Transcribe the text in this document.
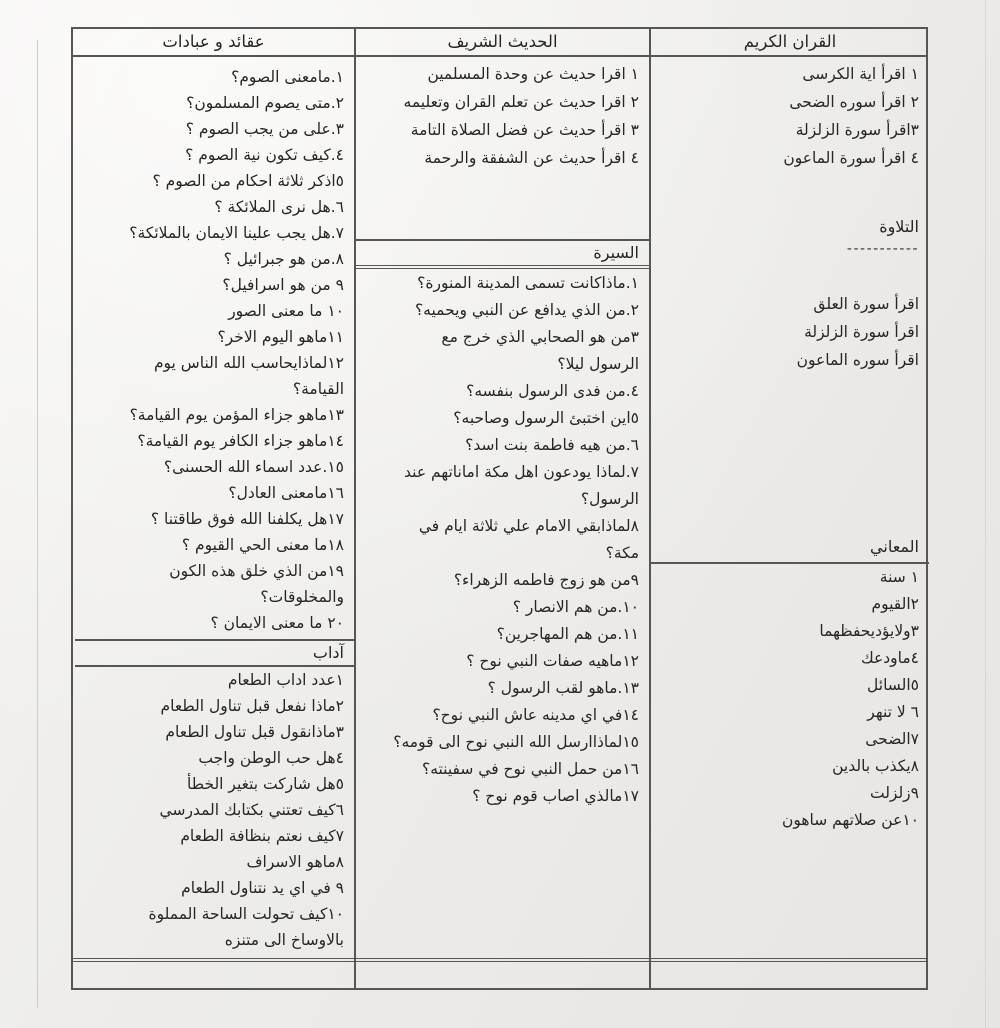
القران الكريم
الحديث الشريف
عقائد و عبادات
١ اقرأ اية الكرسى
٢ اقرأ سوره الضحى
٣اقرأ سورة الزلزلة
٤ اقرأ سورة الماعون
التلاوة
-----------
اقرأ سورة العلق
اقرأ سورة الزلزلة
اقرأ سوره الماعون
المعاني
١ سنة
٢القيوم
٣ولايؤديحفظهما
٤ماودعك
٥السائل
٦ لا تنهر
٧الضحى
٨يكذب بالدين
٩زلزلت
١٠عن صلاتهم ساهون
١ اقرا حديث عن وحدة المسلمين
٢ اقرا حديث عن تعلم القران وتعليمه
٣ اقرأ حديث عن فضل الصلاة التامة
٤ اقرأ حديث عن الشفقة والرحمة
السيرة
١.ماذاكانت تسمى المدينة المنورة؟
٢.من الذي يدافع عن النبي ويحميه؟
٣من هو الصحابي الذي خرج مع
الرسول ليلا؟
٤.من فدى الرسول بنفسه؟
٥اين اختبئ الرسول وصاحبه؟
٦.من هيه فاطمة بنت اسد؟
٧.لماذا يودعون اهل مكة اماناتهم عند
الرسول؟
٨لماذابقي الامام علي ثلاثة ايام في
مكة؟
٩من هو زوج فاطمه الزهراء؟
١٠.من هم الانصار ؟
١١.من هم المهاجرين؟
١٢ماهيه صفات النبي نوح ؟
١٣.ماهو لقب الرسول ؟
١٤في اي مدينه عاش النبي نوح؟
١٥لماذاارسل الله النبي نوح الى قومه؟
١٦من حمل النبي نوح في سفينته؟
١٧مالذي اصاب قوم نوح ؟
١.مامعنى الصوم؟
٢.متى يصوم المسلمون؟
٣.على من يجب الصوم ؟
٤.كيف تكون نية الصوم ؟
٥اذكر ثلاثة احكام من الصوم ؟
٦.هل نرى الملائكة ؟
٧.هل يجب علينا الايمان بالملائكة؟
٨.من هو جبرائيل ؟
٩ من هو اسرافيل؟
١٠ ما معنى الصور
١١ماهو اليوم الاخر؟
١٢لماذايحاسب الله الناس يوم
القيامة؟
١٣ماهو جزاء المؤمن يوم القيامة؟
١٤ماهو جزاء الكافر يوم القيامة؟
١٥.عدد اسماء الله الحسنى؟
١٦مامعنى العادل؟
١٧هل يكلفنا الله فوق طاقتنا ؟
١٨ما معنى الحي القيوم ؟
١٩من الذي خلق هذه الكون
والمخلوقات؟
٢٠ ما معنى الايمان ؟
آداب
١عدد اداب الطعام
٢ماذا نفعل قبل تناول الطعام
٣ماذانقول قبل تناول الطعام
٤هل حب الوطن واجب
٥هل شاركت بتغير الخطأ
٦كيف تعتني بكتابك المدرسي
٧كيف نعتم بنظافة الطعام
٨ماهو الاسراف
٩ في اي يد نتناول الطعام
١٠كيف تحولت الساحة المملوة
بالاوساخ الى متنزه
